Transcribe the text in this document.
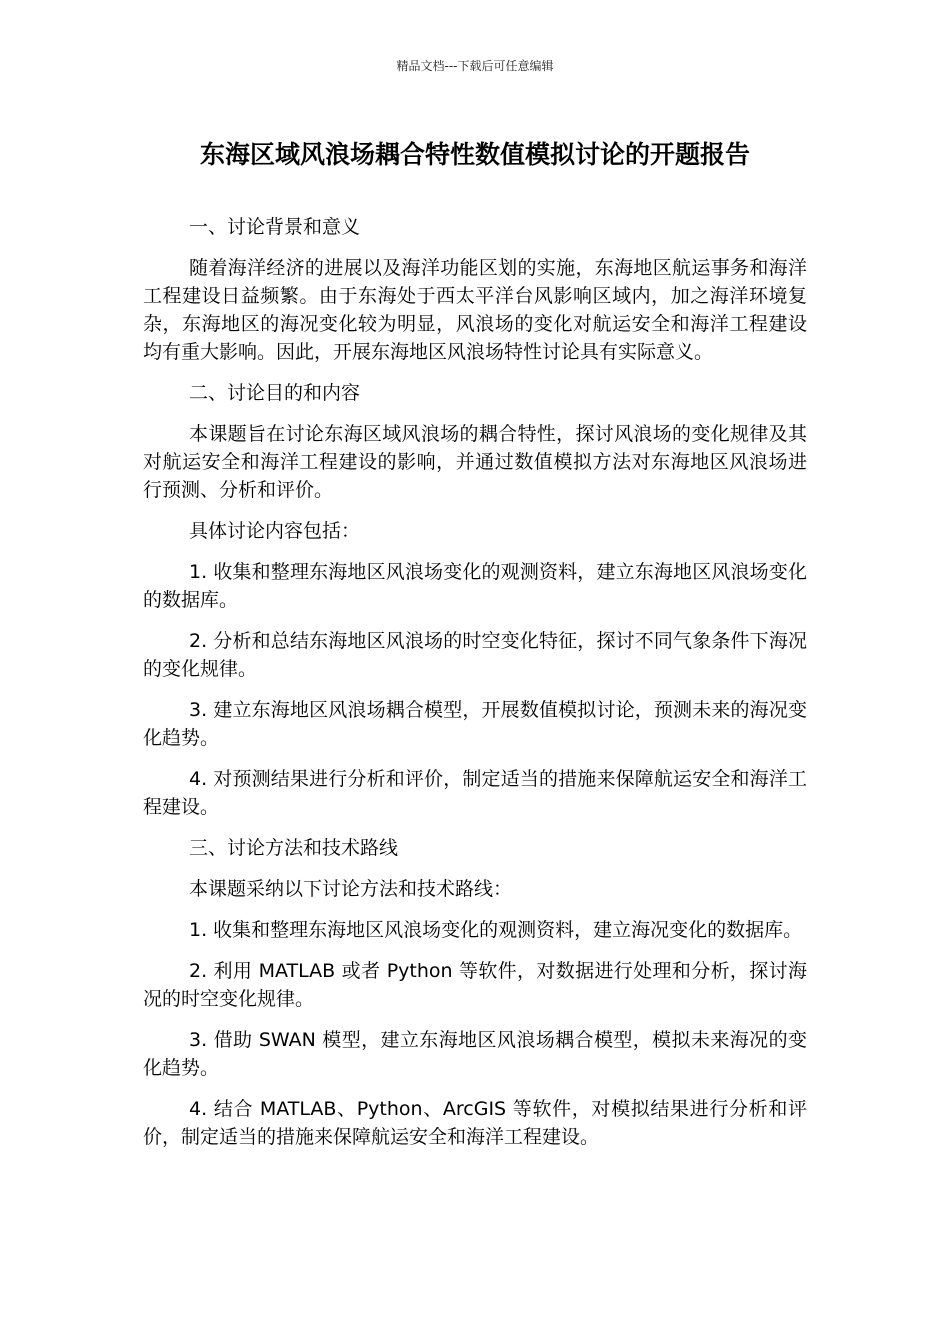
精品文档---下载后可任意编辑
东海区域风浪场耦合特性数值模拟讨论的开题报告

一、讨论背景和意义

随着海洋经济的进展以及海洋功能区划的实施，东海地区航运事务和海洋工程建设日益频繁。由于东海处于西太平洋台风影响区域内，加之海洋环境复杂，东海地区的海况变化较为明显，风浪场的变化对航运安全和海洋工程建设均有重大影响。因此，开展东海地区风浪场特性讨论具有实际意义。

二、讨论目的和内容

本课题旨在讨论东海区域风浪场的耦合特性，探讨风浪场的变化规律及其对航运安全和海洋工程建设的影响，并通过数值模拟方法对东海地区风浪场进行预测、分析和评价。

具体讨论内容包括：

1. 收集和整理东海地区风浪场变化的观测资料，建立东海地区风浪场变化的数据库。

2. 分析和总结东海地区风浪场的时空变化特征，探讨不同气象条件下海况的变化规律。

3. 建立东海地区风浪场耦合模型，开展数值模拟讨论，预测未来的海况变化趋势。

4. 对预测结果进行分析和评价，制定适当的措施来保障航运安全和海洋工程建设。

三、讨论方法和技术路线

本课题采纳以下讨论方法和技术路线：

1. 收集和整理东海地区风浪场变化的观测资料，建立海况变化的数据库。

2. 利用 MATLAB 或者 Python 等软件，对数据进行处理和分析，探讨海况的时空变化规律。

3. 借助 SWAN 模型，建立东海地区风浪场耦合模型，模拟未来海况的变化趋势。

4. 结合 MATLAB、Python、ArcGIS 等软件，对模拟结果进行分析和评价，制定适当的措施来保障航运安全和海洋工程建设。
